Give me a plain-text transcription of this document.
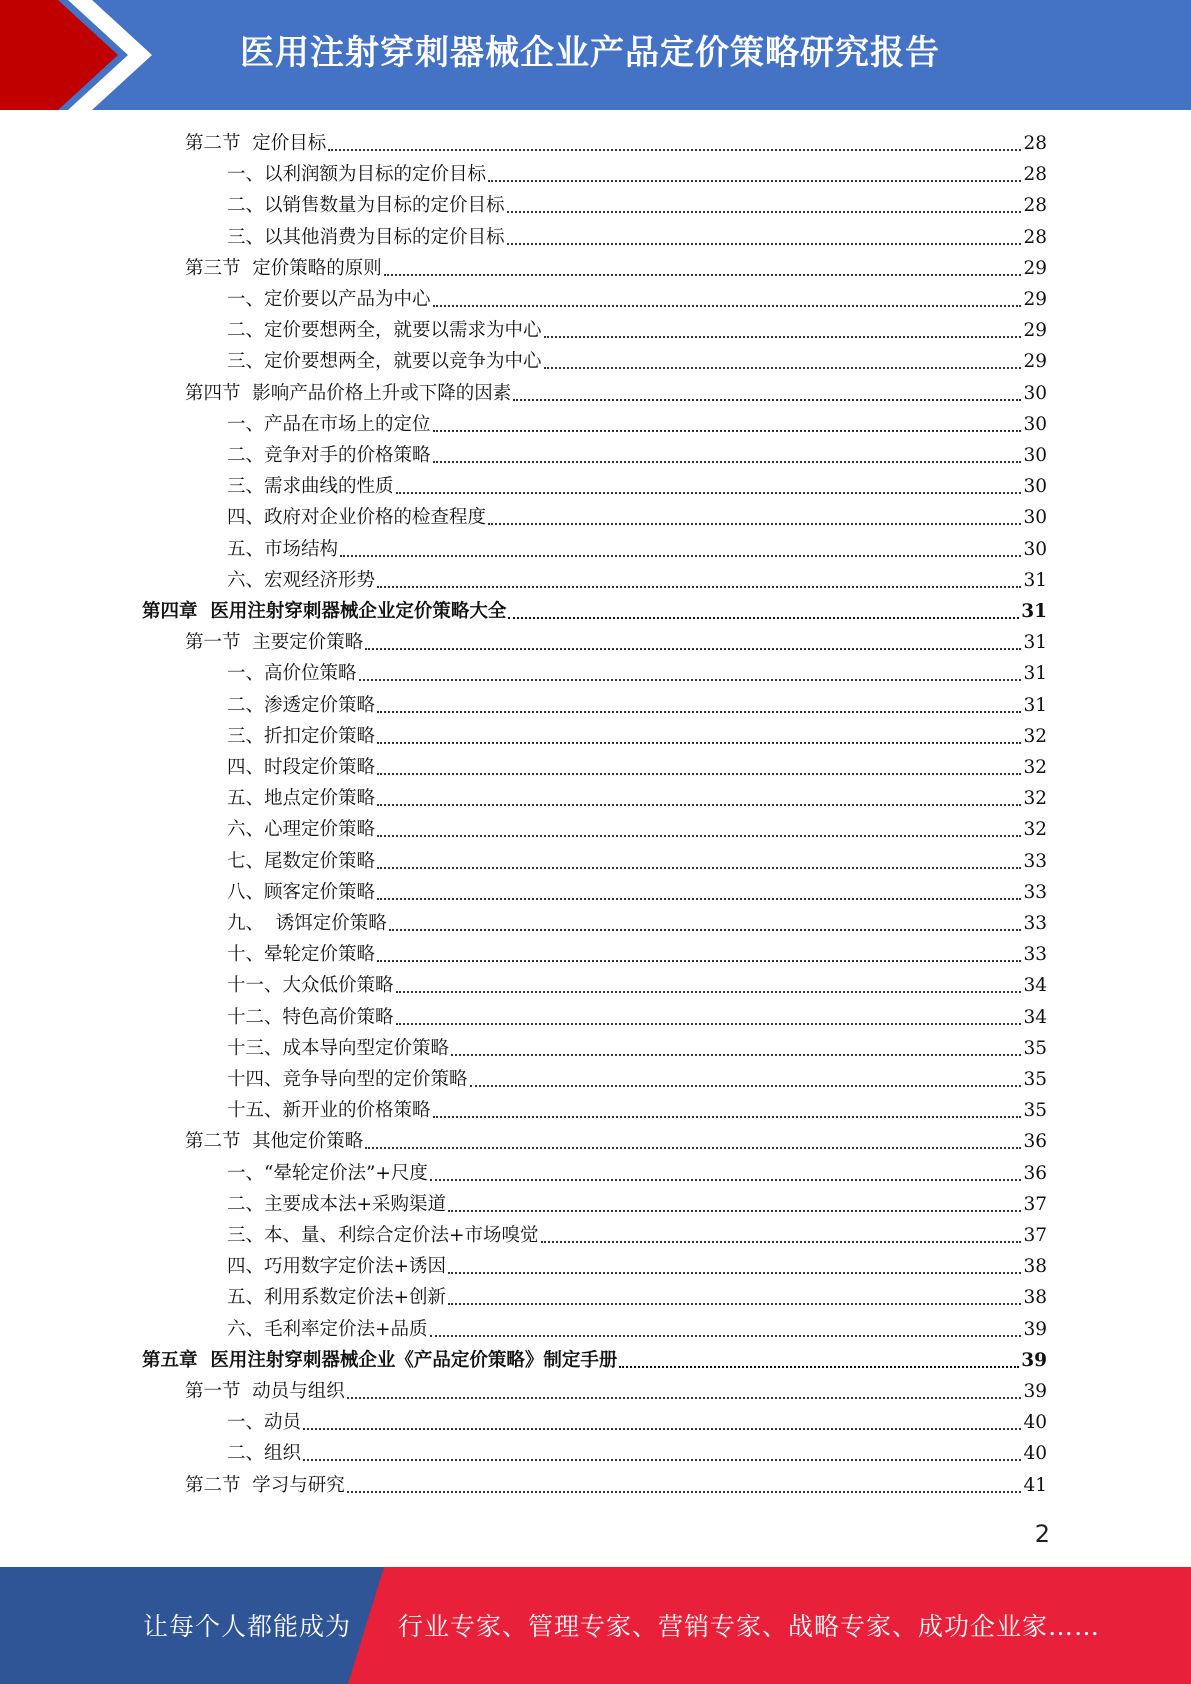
医用注射穿刺器械企业产品定价策略研究报告
第二节  定价目标	28
一、以利润额为目标的定价目标	28
二、以销售数量为目标的定价目标	28
三、以其他消费为目标的定价目标	28
第三节  定价策略的原则	29
一、定价要以产品为中心	29
二、定价要想两全，就要以需求为中心	29
三、定价要想两全，就要以竞争为中心	29
第四节  影响产品价格上升或下降的因素	30
一、产品在市场上的定位	30
二、竞争对手的价格策略	30
三、需求曲线的性质	30
四、政府对企业价格的检查程度	30
五、市场结构	30
六、宏观经济形势	31
第四章  医用注射穿刺器械企业定价策略大全	31
第一节  主要定价策略	31
一、高价位策略	31
二、渗透定价策略	31
三、折扣定价策略	32
四、时段定价策略	32
五、地点定价策略	32
六、心理定价策略	32
七、尾数定价策略	33
八、顾客定价策略	33
九、  诱饵定价策略	33
十、晕轮定价策略	33
十一、大众低价策略	34
十二、特色高价策略	34
十三、成本导向型定价策略	35
十四、竞争导向型的定价策略	35
十五、新开业的价格策略	35
第二节  其他定价策略	36
一、“晕轮定价法”+尺度	36
二、主要成本法+采购渠道	37
三、本、量、利综合定价法+市场嗅觉	37
四、巧用数字定价法+诱因	38
五、利用系数定价法+创新	38
六、毛利率定价法+品质	39
第五章  医用注射穿刺器械企业《产品定价策略》制定手册	39
第一节  动员与组织	39
一、动员	40
二、组织	40
第二节  学习与研究	41
2
让每个人都能成为 行业专家、管理专家、营销专家、战略专家、成功企业家……
